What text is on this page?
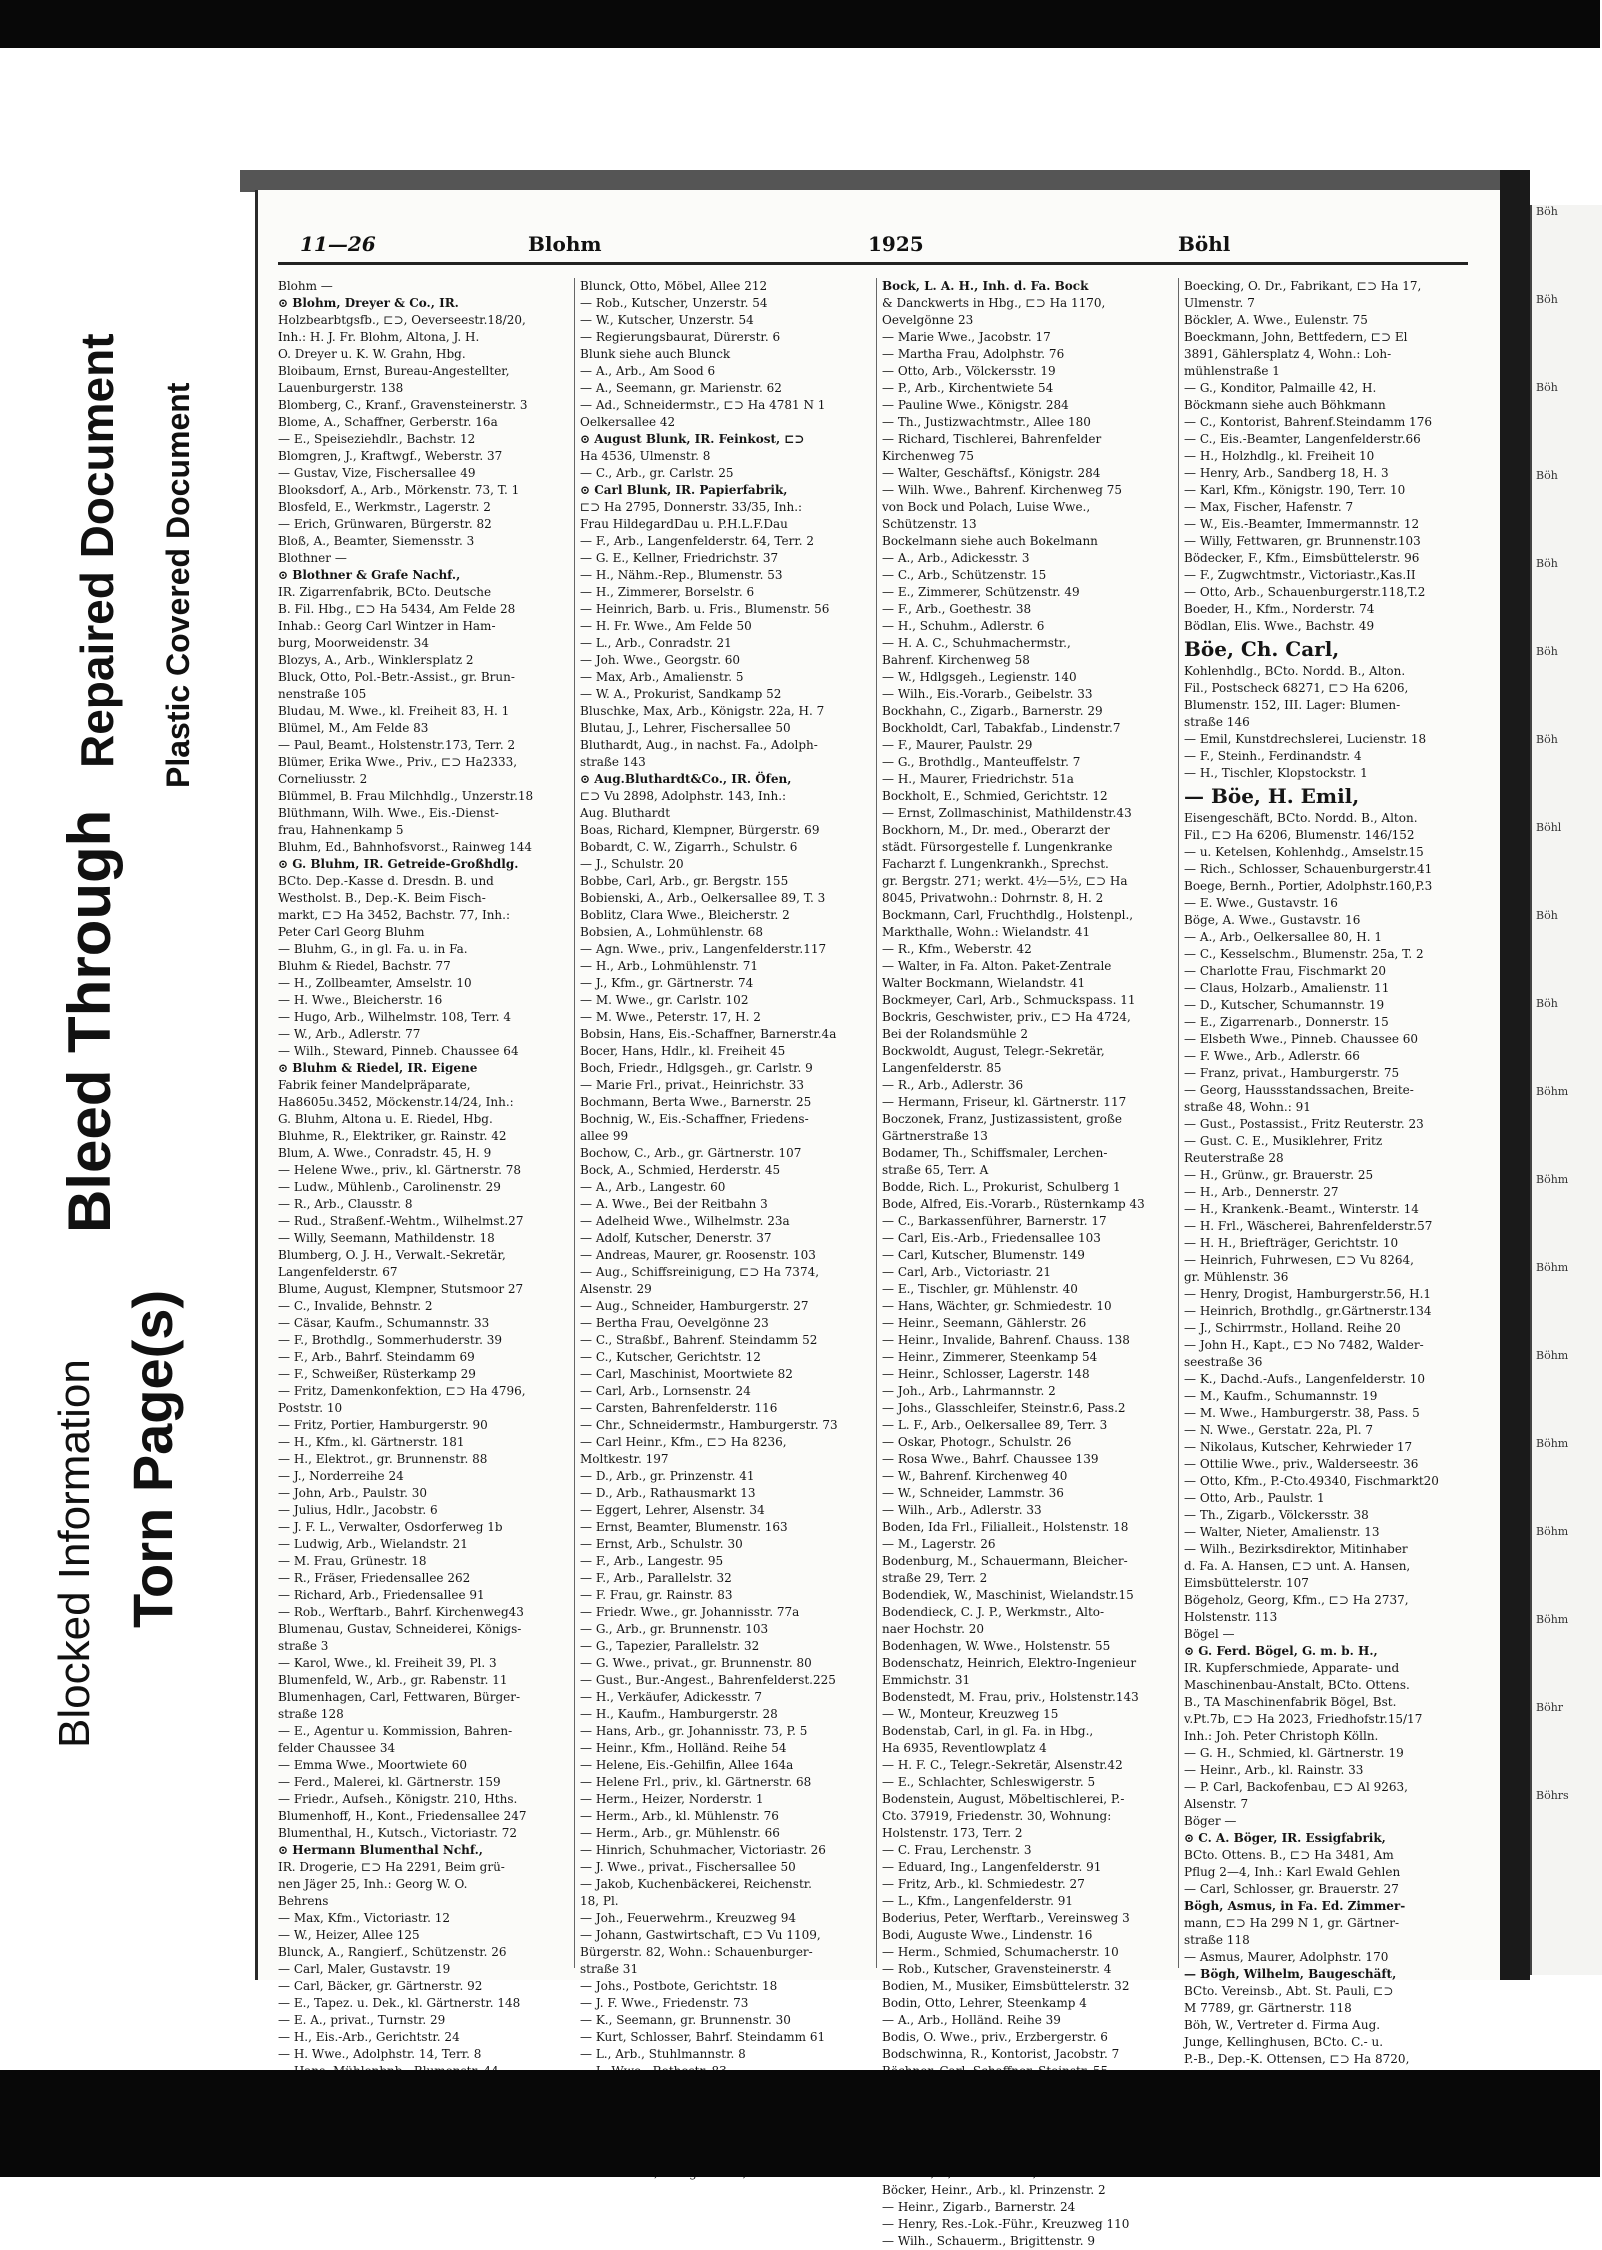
Blocked Information
Bleed Through
Repaired Document
Torn Page(s)
Plastic Covered Document
11—26	Blohm	1925	Böhl
Blohm —
⊙ Blohm, Dreyer & Co., IR.
Holzbearbtgsfb., ⊏⊃, Oeverseestr.18/20,
Inh.: H. J. Fr. Blohm, Altona, J. H.
O. Dreyer u. K. W. Grahn, Hbg.
Bloibaum, Ernst, Bureau-Angestellter,
Lauenburgerstr. 138
Blomberg, C., Kranf., Gravensteinerstr. 3
Blome, A., Schaffner, Gerberstr. 16a
— E., Speiseziehdlr., Bachstr. 12
Blomgren, J., Kraftwgf., Weberstr. 37
— Gustav, Vize, Fischersallee 49
Blooksdorf, A., Arb., Mörkenstr. 73, T. 1
Blosfeld, E., Werkmstr., Lagerstr. 2
— Erich, Grünwaren, Bürgerstr. 82
Bloß, A., Beamter, Siemensstr. 3
Blothner —
⊙ Blothner & Grafe Nachf.,
IR. Zigarrenfabrik, BCto. Deutsche
B. Fil. Hbg., ⊏⊃ Ha 5434, Am Felde 28
Inhab.: Georg Carl Wintzer in Ham-
burg, Moorweidenstr. 34
Blozys, A., Arb., Winklersplatz 2
Bluck, Otto, Pol.-Betr.-Assist., gr. Brun-
nenstraße 105
Bludau, M. Wwe., kl. Freiheit 83, H. 1
Blümel, M., Am Felde 83
— Paul, Beamt., Holstenstr.173, Terr. 2
Blümer, Erika Wwe., Priv., ⊏⊃ Ha2333,
Corneliusstr. 2
Blümmel, B. Frau Milchhdlg., Unzerstr.18
Blüthmann, Wilh. Wwe., Eis.-Dienst-
frau, Hahnenkamp 5
Bluhm, Ed., Bahnhofsvorst., Rainweg 144
⊙ G. Bluhm, IR. Getreide-Großhdlg.
BCto. Dep.-Kasse d. Dresdn. B. und
Westholst. B., Dep.-K. Beim Fisch-
markt, ⊏⊃ Ha 3452, Bachstr. 77, Inh.:
Peter Carl Georg Bluhm
— Bluhm, G., in gl. Fa. u. in Fa.
Bluhm & Riedel, Bachstr. 77
— H., Zollbeamter, Amselstr. 10
— H. Wwe., Bleicherstr. 16
— Hugo, Arb., Wilhelmstr. 108, Terr. 4
— W., Arb., Adlerstr. 77
— Wilh., Steward, Pinneb. Chaussee 64
⊙ Bluhm & Riedel, IR. Eigene
Fabrik feiner Mandelpräparate,
Ha8605u.3452, Möckenstr.14/24, Inh.:
G. Bluhm, Altona u. E. Riedel, Hbg.
Bluhme, R., Elektriker, gr. Rainstr. 42
Blum, A. Wwe., Conradstr. 45, H. 9
— Helene Wwe., priv., kl. Gärtnerstr. 78
— Ludw., Mühlenb., Carolinenstr. 29
— R., Arb., Clausstr. 8
— Rud., Straßenf.-Wehtm., Wilhelmst.27
— Willy, Seemann, Mathildenstr. 18
Blumberg, O. J. H., Verwalt.-Sekretär,
Langenfelderstr. 67
Blume, August, Klempner, Stutsmoor 27
— C., Invalide, Behnstr. 2
— Cäsar, Kaufm., Schumannstr. 33
— F., Brothdlg., Sommerhuderstr. 39
— F., Arb., Bahrf. Steindamm 69
— F., Schweißer, Rüsterkamp 29
— Fritz, Damenkonfektion, ⊏⊃ Ha 4796,
Poststr. 10
— Fritz, Portier, Hamburgerstr. 90
— H., Kfm., kl. Gärtnerstr. 181
— H., Elektrot., gr. Brunnenstr. 88
— J., Norderreihe 24
— John, Arb., Paulstr. 30
— Julius, Hdlr., Jacobstr. 6
— J. F. L., Verwalter, Osdorferweg 1b
— Ludwig, Arb., Wielandstr. 21
— M. Frau, Grünestr. 18
— R., Fräser, Friedensallee 262
— Richard, Arb., Friedensallee 91
— Rob., Werftarb., Bahrf. Kirchenweg43
Blumenau, Gustav, Schneiderei, Königs-
straße 3
— Karol, Wwe., kl. Freiheit 39, Pl. 3
Blumenfeld, W., Arb., gr. Rabenstr. 11
Blumenhagen, Carl, Fettwaren, Bürger-
straße 128
— E., Agentur u. Kommission, Bahren-
felder Chaussee 34
— Emma Wwe., Moortwiete 60
— Ferd., Malerei, kl. Gärtnerstr. 159
— Friedr., Aufseh., Königstr. 210, Hths.
Blumenhoff, H., Kont., Friedensallee 247
Blumenthal, H., Kutsch., Victoriastr. 72
⊙ Hermann Blumenthal Nchf.,
IR. Drogerie, ⊏⊃ Ha 2291, Beim grü-
nen Jäger 25, Inh.: Georg W. O.
Behrens
— Max, Kfm., Victoriastr. 12
— W., Heizer, Allee 125
Blunck, A., Rangierf., Schützenstr. 26
— Carl, Maler, Gustavstr. 19
— Carl, Bäcker, gr. Gärtnerstr. 92
— E., Tapez. u. Dek., kl. Gärtnerstr. 148
— E. A., privat., Turnstr. 29
— H., Eis.-Arb., Gerichtstr. 24
— H. Wwe., Adolphstr. 14, Terr. 8
Blunck, Otto, Möbel, Allee 212
— Rob., Kutscher, Unzerstr. 54
— W., Kutscher, Unzerstr. 54
— Regierungsbaurat, Dürerstr. 6
Blunk siehe auch Blunck
— A., Arb., Am Sood 6
— A., Seemann, gr. Marienstr. 62
— Ad., Schneidermstr., ⊏⊃ Ha 4781 N 1
Oelkersallee 42
⊙ August Blunk, IR. Feinkost, ⊏⊃
Ha 4536, Ulmenstr. 8
— C., Arb., gr. Carlstr. 25
⊙ Carl Blunk, IR. Papierfabrik,
⊏⊃ Ha 2795, Donnerstr. 33/35, Inh.:
Frau HildegardDau u. P.H.L.F.Dau
— F., Arb., Langenfelderstr. 64, Terr. 2
— G. E., Kellner, Friedrichstr. 37
— H., Nähm.-Rep., Blumenstr. 53
— H., Zimmerer, Borselstr. 6
— Heinrich, Barb. u. Fris., Blumenstr. 56
— H. Fr. Wwe., Am Felde 50
— L., Arb., Conradstr. 21
— Joh. Wwe., Georgstr. 60
— Max, Arb., Amalienstr. 5
— W. A., Prokurist, Sandkamp 52
Bluschke, Max, Arb., Königstr. 22a, H. 7
Blutau, J., Lehrer, Fischersallee 50
Bluthardt, Aug., in nachst. Fa., Adolph-
straße 143
⊙ Aug.Bluthardt&Co., IR. Öfen,
⊏⊃ Vu 2898, Adolphstr. 143, Inh.:
Aug. Bluthardt
Boas, Richard, Klempner, Bürgerstr. 69
Bobardt, C. W., Zigarrh., Schulstr. 6
— J., Schulstr. 20
Bobbe, Carl, Arb., gr. Bergstr. 155
Bobienski, A., Arb., Oelkersallee 89, T. 3
Boblitz, Clara Wwe., Bleicherstr. 2
Bobsien, A., Lohmühlenstr. 68
— Agn. Wwe., priv., Langenfelderstr.117
— H., Arb., Lohmühlenstr. 71
— J., Kfm., gr. Gärtnerstr. 74
— M. Wwe., gr. Carlstr. 102
— M. Wwe., Peterstr. 17, H. 2
Bobsin, Hans, Eis.-Schaffner, Barnerstr.4a
Bocer, Hans, Hdlr., kl. Freiheit 45
Boch, Friedr., Hdlgsgeh., gr. Carlstr. 9
— Marie Frl., privat., Heinrichstr. 33
Bochmann, Berta Wwe., Barnerstr. 25
Bochnig, W., Eis.-Schaffner, Friedens-
allee 99
Bochow, C., Arb., gr. Gärtnerstr. 107
Bock, A., Schmied, Herderstr. 45
— A., Arb., Langestr. 60
— A. Wwe., Bei der Reitbahn 3
— Adelheid Wwe., Wilhelmstr. 23a
— Adolf, Kutscher, Denerstr. 37
— Andreas, Maurer, gr. Roosenstr. 103
— Aug., Schiffsreinigung, ⊏⊃ Ha 7374,
Alsenstr. 29
— Aug., Schneider, Hamburgerstr. 27
— Bertha Frau, Oevelgönne 23
— C., Straßbf., Bahrenf. Steindamm 52
— C., Kutscher, Gerichtstr. 12
— Carl, Maschinist, Moortwiete 82
— Carl, Arb., Lornsenstr. 24
— Carsten, Bahrenfelderstr. 116
— Chr., Schneidermstr., Hamburgerstr. 73
— Carl Heinr., Kfm., ⊏⊃ Ha 8236,
Moltkestr. 197
— D., Arb., gr. Prinzenstr. 41
— D., Arb., Rathausmarkt 13
— Eggert, Lehrer, Alsenstr. 34
— Ernst, Beamter, Blumenstr. 163
— Ernst, Arb., Schulstr. 30
— F., Arb., Langestr. 95
— F., Arb., Parallelstr. 32
— F. Frau, gr. Rainstr. 83
— Friedr. Wwe., gr. Johannisstr. 77a
— G., Arb., gr. Brunnenstr. 103
— G., Tapezier, Parallelstr. 32
— G. Wwe., privat., gr. Brunnenstr. 80
— Gust., Bur.-Angest., Bahrenfelderst.225
— H., Verkäufer, Adickesstr. 7
— H., Kaufm., Hamburgerstr. 28
— Hans, Arb., gr. Johannisstr. 73, P. 5
— Heinr., Kfm., Holländ. Reihe 54
— Helene, Eis.-Gehilfin, Allee 164a
— Helene Frl., priv., kl. Gärtnerstr. 68
— Herm., Heizer, Norderstr. 1
— Herm., Arb., kl. Mühlenstr. 76
— Herm., Arb., gr. Mühlenstr. 66
— Hinrich, Schuhmacher, Victoriastr. 26
— J. Wwe., privat., Fischersallee 50
— Jakob, Kuchenbäckerei, Reichenstr.
18, Pl.
— Joh., Feuerwehrm., Kreuzweg 94
— Johann, Gastwirtschaft, ⊏⊃ Vu 1109,
Bürgerstr. 82, Wohn.: Schauenburger-
straße 31
— Johs., Postbote, Gerichtstr. 18
— J. F. Wwe., Friedenstr. 73
— K., Seemann, gr. Brunnenstr. 30
— Kurt, Schlosser, Bahrf. Steindamm 61
— L., Arb., Stuhlmannstr. 8
Bock, L. A. H., Inh. d. Fa. Bock
& Danckwerts in Hbg., ⊏⊃ Ha 1170,
Oevelgönne 23
— Marie Wwe., Jacobstr. 17
— Martha Frau, Adolphstr. 76
— Otto, Arb., Völckersstr. 19
— P., Arb., Kirchentwiete 54
— Pauline Wwe., Königstr. 284
— Th., Justizwachtmstr., Allee 180
— Richard, Tischlerei, Bahrenfelder
Kirchenweg 75
— Walter, Geschäftsf., Königstr. 284
— Wilh. Wwe., Bahrenf. Kirchenweg 75
von Bock und Polach, Luise Wwe.,
Schützenstr. 13
Bockelmann siehe auch Bokelmann
— A., Arb., Adickesstr. 3
— C., Arb., Schützenstr. 15
— E., Zimmerer, Schützenstr. 49
— F., Arb., Goethestr. 38
— H., Schuhm., Adlerstr. 6
— H. A. C., Schuhmachermstr.,
Bahrenf. Kirchenweg 58
— W., Hdlgsgeh., Legienstr. 140
— Wilh., Eis.-Vorarb., Geibelstr. 33
Bockhahn, C., Zigarb., Barnerstr. 29
Bockholdt, Carl, Tabakfab., Lindenstr.7
— F., Maurer, Paulstr. 29
— G., Brothdlg., Manteuffelstr. 7
— H., Maurer, Friedrichstr. 51a
Bockholt, E., Schmied, Gerichtstr. 12
— Ernst, Zollmaschinist, Mathildenstr.43
Bockhorn, M., Dr. med., Oberarzt der
städt. Fürsorgestelle f. Lungenkranke
Facharzt f. Lungenkrankh., Sprechst.
gr. Bergstr. 271; werkt. 4½—5½, ⊏⊃ Ha
8045, Privatwohn.: Dohrnstr. 8, H. 2
Bockmann, Carl, Fruchthdlg., Holstenpl.,
Markthalle, Wohn.: Wielandstr. 41
— R., Kfm., Weberstr. 42
— Walter, in Fa. Alton. Paket-Zentrale
Walter Bockmann, Wielandstr. 41
Bockmeyer, Carl, Arb., Schmuckspass. 11
Bockris, Geschwister, priv., ⊏⊃ Ha 4724,
Bei der Rolandsmühle 2
Bockwoldt, August, Telegr.-Sekretär,
Langenfelderstr. 85
— R., Arb., Adlerstr. 36
— Hermann, Friseur, kl. Gärtnerstr. 117
Boczonek, Franz, Justizassistent, große
Gärtnerstraße 13
Bodamer, Th., Schiffsmaler, Lerchen-
straße 65, Terr. A
Bodde, Rich. L., Prokurist, Schulberg 1
Bode, Alfred, Eis.-Vorarb., Rüsternkamp 43
— C., Barkassenführer, Barnerstr. 17
— Carl, Eis.-Arb., Friedensallee 103
— Carl, Kutscher, Blumenstr. 149
— Carl, Arb., Victoriastr. 21
— E., Tischler, gr. Mühlenstr. 40
— Hans, Wächter, gr. Schmiedestr. 10
— Heinr., Seemann, Gählerstr. 26
— Heinr., Invalide, Bahrenf. Chauss. 138
— Heinr., Zimmerer, Steenkamp 54
— Heinr., Schlosser, Lagerstr. 148
— Joh., Arb., Lahrmannstr. 2
— Johs., Glasschleifer, Steinstr.6, Pass.2
— L. F., Arb., Oelkersallee 89, Terr. 3
— Oskar, Photogr., Schulstr. 26
— Rosa Wwe., Bahrf. Chaussee 139
— W., Bahrenf. Kirchenweg 40
— W., Schneider, Lammstr. 36
— Wilh., Arb., Adlerstr. 33
Boden, Ida Frl., Filialleit., Holstenstr. 18
— M., Lagerstr. 26
Bodenburg, M., Schauermann, Bleicher-
straße 29, Terr. 2
Bodendiek, W., Maschinist, Wielandstr.15
Bodendieck, C. J. P., Werkmstr., Alto-
naer Hochstr. 20
Bodenhagen, W. Wwe., Holstenstr. 55
Bodenschatz, Heinrich, Elektro-Ingenieur
Emmichstr. 31
Bodenstedt, M. Frau, priv., Holstenstr.143
— W., Monteur, Kreuzweg 15
Bodenstab, Carl, in gl. Fa. in Hbg.,
Ha 6935, Reventlowplatz 4
— H. F. C., Telegr.-Sekretär, Alsenstr.42
— E., Schlachter, Schleswigerstr. 5
Bodenstein, August, Möbeltischlerei, P.-
Cto. 37919, Friedenstr. 30, Wohnung:
Holstenstr. 173, Terr. 2
— C. Frau, Lerchenstr. 3
— Eduard, Ing., Langenfelderstr. 91
— Fritz, Arb., kl. Schmiedestr. 27
— L., Kfm., Langenfelderstr. 91
Boderius, Peter, Werftarb., Vereinsweg 3
Bodi, Auguste Wwe., Lindenstr. 16
— Herm., Schmied, Schumacherstr. 10
— Rob., Kutscher, Gravensteinerstr. 4
Bodien, M., Musiker, Eimsbüttelerstr. 32
Bodin, Otto, Lehrer, Steenkamp 4
— A., Arb., Holländ. Reihe 39
Bodis, O. Wwe., priv., Erzbergerstr. 6
Bodschwinna, R., Kontorist, Jacobstr. 7
Böcker, Heinr., Arb., kl. Prinzenstr. 2
— Heinr., Zigarb., Barnerstr. 24
— Henry, Res.-Lok.-Führ., Kreuzweg 110
— Wilh., Schauerm., Brigittenstr. 9
Boecking, O. Dr., Fabrikant, ⊏⊃ Ha 17,
Ulmenstr. 7
Böckler, A. Wwe., Eulenstr. 75
Boeckmann, John, Bettfedern, ⊏⊃ El
3891, Gählersplatz 4, Wohn.: Loh-
mühlenstraße 1
— G., Konditor, Palmaille 42, H.
Böckmann siehe auch Böhkmann
— C., Kontorist, Bahrenf.Steindamm 176
— C., Eis.-Beamter, Langenfelderstr.66
— H., Holzhdlg., kl. Freiheit 10
— Henry, Arb., Sandberg 18, H. 3
— Karl, Kfm., Königstr. 190, Terr. 10
— Max, Fischer, Hafenstr. 7
— W., Eis.-Beamter, Immermannstr. 12
— Willy, Fettwaren, gr. Brunnenstr.103
Bödecker, F., Kfm., Eimsbüttelerstr. 96
— F., Zugwchtmstr., Victoriastr.,Kas.II
— Otto, Arb., Schauenburgerstr.118,T.2
Boeder, H., Kfm., Norderstr. 74
Bödlan, Elis. Wwe., Bachstr. 49
Böe, Ch. Carl,
Kohlenhdlg., BCto. Nordd. B., Alton.
Fil., Postscheck 68271, ⊏⊃ Ha 6206,
Blumenstr. 152, III. Lager: Blumen-
straße 146
— Emil, Kunstdrechslerei, Lucienstr. 18
— F., Steinh., Ferdinandstr. 4
— H., Tischler, Klopstockstr. 1
— Böe, H. Emil,
Eisengeschäft, BCto. Nordd. B., Alton.
Fil., ⊏⊃ Ha 6206, Blumenstr. 146/152
— u. Ketelsen, Kohlenhdg., Amselstr.15
— Rich., Schlosser, Schauenburgerstr.41
Boege, Bernh., Portier, Adolphstr.160,P.3
— E. Wwe., Gustavstr. 16
Böge, A. Wwe., Gustavstr. 16
— A., Arb., Oelkersallee 80, H. 1
— C., Kesselschm., Blumenstr. 25a, T. 2
— Charlotte Frau, Fischmarkt 20
— Claus, Holzarb., Amalienstr. 11
— D., Kutscher, Schumannstr. 19
— E., Zigarrenarb., Donnerstr. 15
— Elsbeth Wwe., Pinneb. Chaussee 60
— F. Wwe., Arb., Adlerstr. 66
— Franz, privat., Hamburgerstr. 75
— Georg, Haussstandssachen, Breite-
straße 48, Wohn.: 91
— Gust., Postassist., Fritz Reuterstr. 23
— Gust. C. E., Musiklehrer, Fritz
Reuterstraße 28
— H., Grünw., gr. Brauerstr. 25
— H., Arb., Dennerstr. 27
— H., Krankenk.-Beamt., Winterstr. 14
— H. Frl., Wäscherei, Bahrenfelderstr.57
— H. H., Briefträger, Gerichtstr. 10
— Heinrich, Fuhrwesen, ⊏⊃ Vu 8264,
gr. Mühlenstr. 36
— Henry, Drogist, Hamburgerstr.56, H.1
— Heinrich, Brothdlg., gr.Gärtnerstr.134
— J., Schirrmstr., Holland. Reihe 20
— John H., Kapt., ⊏⊃ No 7482, Walder-
seestraße 36
— K., Dachd.-Aufs., Langenfelderstr. 10
— M., Kaufm., Schumannstr. 19
— M. Wwe., Hamburgerstr. 38, Pass. 5
— N. Wwe., Gerstatr. 22a, Pl. 7
— Nikolaus, Kutscher, Kehrwieder 17
— Ottilie Wwe., priv., Walderseestr. 36
— Otto, Kfm., P.-Cto.49340, Fischmarkt20
— Otto, Arb., Paulstr. 1
— Th., Zigarb., Völckersstr. 38
— Walter, Nieter, Amalienstr. 13
— Wilh., Bezirksdirektor, Mitinhaber
d. Fa. A. Hansen, ⊏⊃ unt. A. Hansen,
Eimsbüttelerstr. 107
Bögeholz, Georg, Kfm., ⊏⊃ Ha 2737,
Holstenstr. 113
Bögel —
⊙ G. Ferd. Bögel, G. m. b. H.,
IR. Kupferschmiede, Apparate- und
Maschinenbau-Anstalt, BCto. Ottens.
B., TA Maschinenfabrik Bögel, Bst.
v.Pt.7b, ⊏⊃ Ha 2023, Friedhofstr.15/17
Inh.: Joh. Peter Christoph Kölln.
— G. H., Schmied, kl. Gärtnerstr. 19
— Heinr., Arb., kl. Rainstr. 33
— P. Carl, Backofenbau, ⊏⊃ Al 9263,
Alsenstr. 7
Böger —
⊙ C. A. Böger, IR. Essigfabrik,
BCto. Ottens. B., ⊏⊃ Ha 3481, Am
Pflug 2—4, Inh.: Karl Ewald Gehlen
— Carl, Schlosser, gr. Brauerstr. 27
Bögh, Asmus, in Fa. Ed. Zimmer-
mann, ⊏⊃ Ha 299 N 1, gr. Gärtner-
straße 118
— Asmus, Maurer, Adolphstr. 170
— Bögh, Wilhelm, Baugeschäft,
BCto. Vereinsb., Abt. St. Pauli, ⊏⊃
M 7789, gr. Gärtnerstr. 118
Böh, W., Vertreter d. Firma Aug.
Junge, Kellinghusen, BCto. C.- u.
P.-B., Dep.-K. Ottensen, ⊏⊃ Ha 8720,
Böh
Böh
Böh
Böh
Böh
Böh
Böh
Böhl
Böh
Böh
Böhm
Böhm
Böhm
Böhm
Böhm
Böhm
Böhm
Böhr
Böhrs
